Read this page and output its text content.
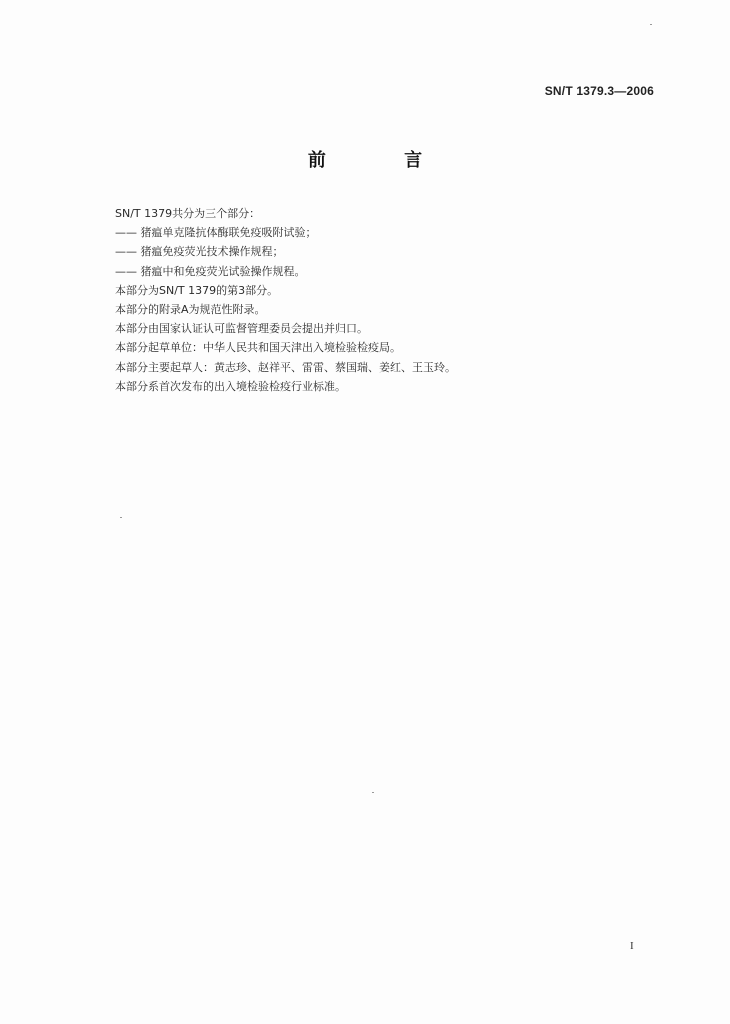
SN/T 1379.3—2006
前 言
SN/T 1379共分为三个部分：
—— 猪瘟单克隆抗体酶联免疫吸附试验；
—— 猪瘟免疫荧光技术操作规程；
—— 猪瘟中和免疫荧光试验操作规程。
本部分为SN/T 1379的第3部分。
本部分的附录A为规范性附录。
本部分由国家认证认可监督管理委员会提出并归口。
本部分起草单位：中华人民共和国天津出入境检验检疫局。
本部分主要起草人：黄志珍、赵祥平、雷雷、蔡国瑞、姜红、王玉玲。
本部分系首次发布的出入境检验检疫行业标准。
I
